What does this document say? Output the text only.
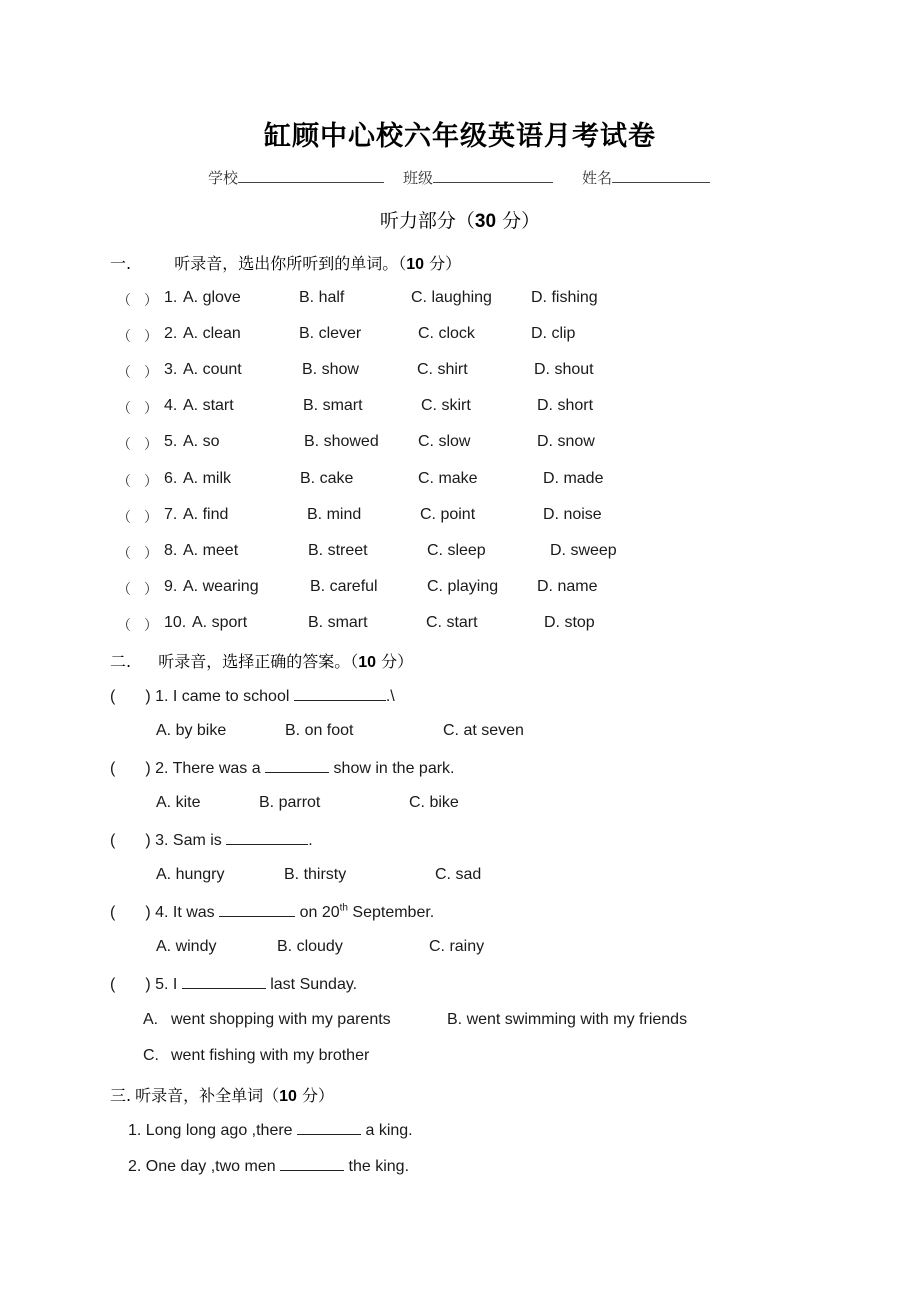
缸顾中心校六年级英语月考试卷
学校	班级	姓名
听力部分（30 分）
一.	听录音，选出你所听到的单词。（10 分）
（ ） 1. A. glove	B. half	C. laughing D. fishing
（ ） 2. A. clean	B. clever	C. clock	D. clip
（ ） 3. A. count	B. show	C. shirt	D. shout
（ ） 4. A. start	B. smart	C. skirt	D. short
（ ） 5. A. so	B. showed C. slow	D. snow
（ ） 6. A. milk	B. cake	C. make	D. made
（ ） 7. A. find	B. mind	C. point	D. noise
（ ） 8. A. meet	B. street	C. sleep	D. sweep
（ ） 9. A. wearing	B. careful	C. playing D. name
（ ） 10. A. sport	B. smart	C. start	D. stop
二. 听录音，选择正确的答案。（10 分）
( ) 1. I came to school	.\
A. by bike	B. on foot	C. at seven
( ) 2. There was a	show in the park.
A. kite	B. parrot	C. bike
( ) 3. Sam is	.
A. hungry	B. thirsty	C. sad
( ) 4. It was	on 20th September.
A. windy	B. cloudy	C. rainy
( ) 5. I	last Sunday.
A. went shopping with my parents	B. went swimming with my friends
C. went fishing with my brother
三. 听录音，补全单词（10 分）
1. Long long ago ,there	a king.
2. One day ,two men	the king.
